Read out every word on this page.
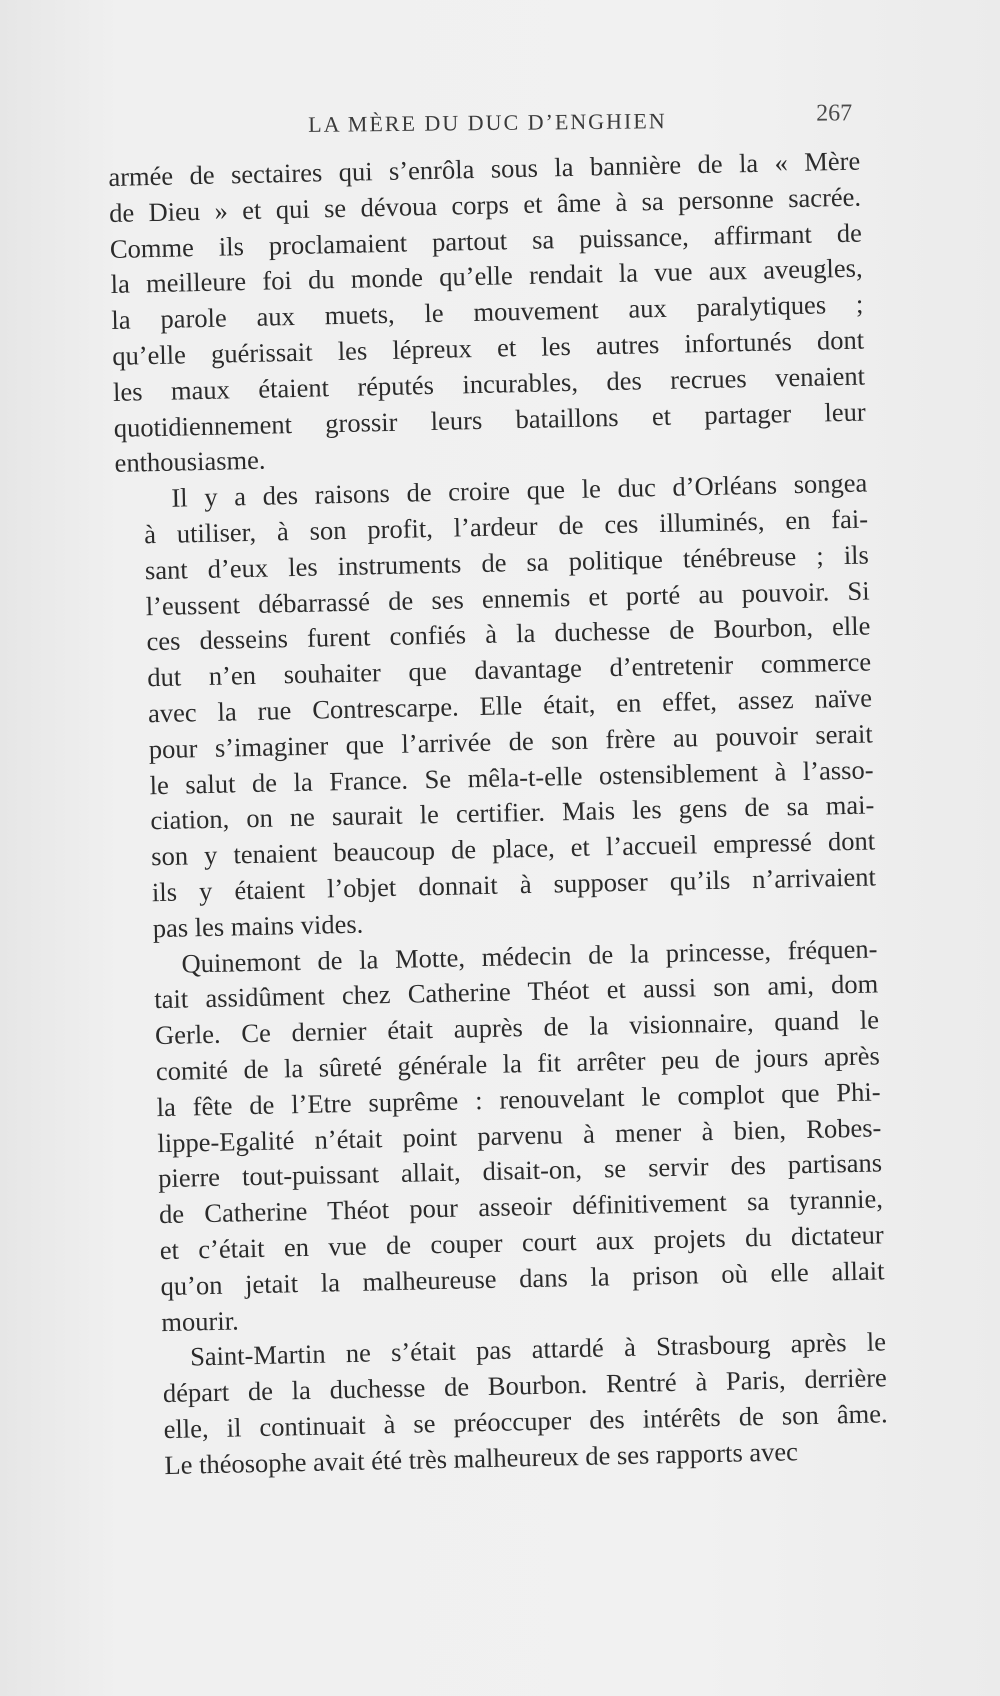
LA MÈRE DU DUC D’ENGHIEN	267

armée de sectaires qui s’enrôla sous la bannière de la « Mère
de Dieu » et qui se dévoua corps et âme à sa personne sacrée.
Comme ils proclamaient partout sa puissance, affirmant de
la meilleure foi du monde qu’elle rendait la vue aux aveugles,
la parole aux muets, le mouvement aux paralytiques ;
qu’elle guérissait les lépreux et les autres infortunés dont
les maux étaient réputés incurables, des recrues venaient
quotidiennement grossir leurs bataillons et partager leur
enthousiasme.

Il y a des raisons de croire que le duc d’Orléans songea
à utiliser, à son profit, l’ardeur de ces illuminés, en fai-
sant d’eux les instruments de sa politique ténébreuse ; ils
l’eussent débarrassé de ses ennemis et porté au pouvoir. Si
ces desseins furent confiés à la duchesse de Bourbon, elle
dut n’en souhaiter que davantage d’entretenir commerce
avec la rue Contrescarpe. Elle était, en effet, assez naïve
pour s’imaginer que l’arrivée de son frère au pouvoir serait
le salut de la France. Se mêla-t-elle ostensiblement à l’asso-
ciation, on ne saurait le certifier. Mais les gens de sa mai-
son y tenaient beaucoup de place, et l’accueil empressé dont
ils y étaient l’objet donnait à supposer qu’ils n’arrivaient
pas les mains vides.

Quinemont de la Motte, médecin de la princesse, fréquen-
tait assidûment chez Catherine Théot et aussi son ami, dom
Gerle. Ce dernier était auprès de la visionnaire, quand le
comité de la sûreté générale la fit arrêter peu de jours après
la fête de l’Etre suprême : renouvelant le complot que Phi-
lippe-Egalité n’était point parvenu à mener à bien, Robes-
pierre tout-puissant allait, disait-on, se servir des partisans
de Catherine Théot pour asseoir définitivement sa tyrannie,
et c’était en vue de couper court aux projets du dictateur
qu’on jetait la malheureuse dans la prison où elle allait
mourir.

Saint-Martin ne s’était pas attardé à Strasbourg après le
départ de la duchesse de Bourbon. Rentré à Paris, derrière
elle, il continuait à se préoccuper des intérêts de son âme.
Le théosophe avait été très malheureux de ses rapports avec
